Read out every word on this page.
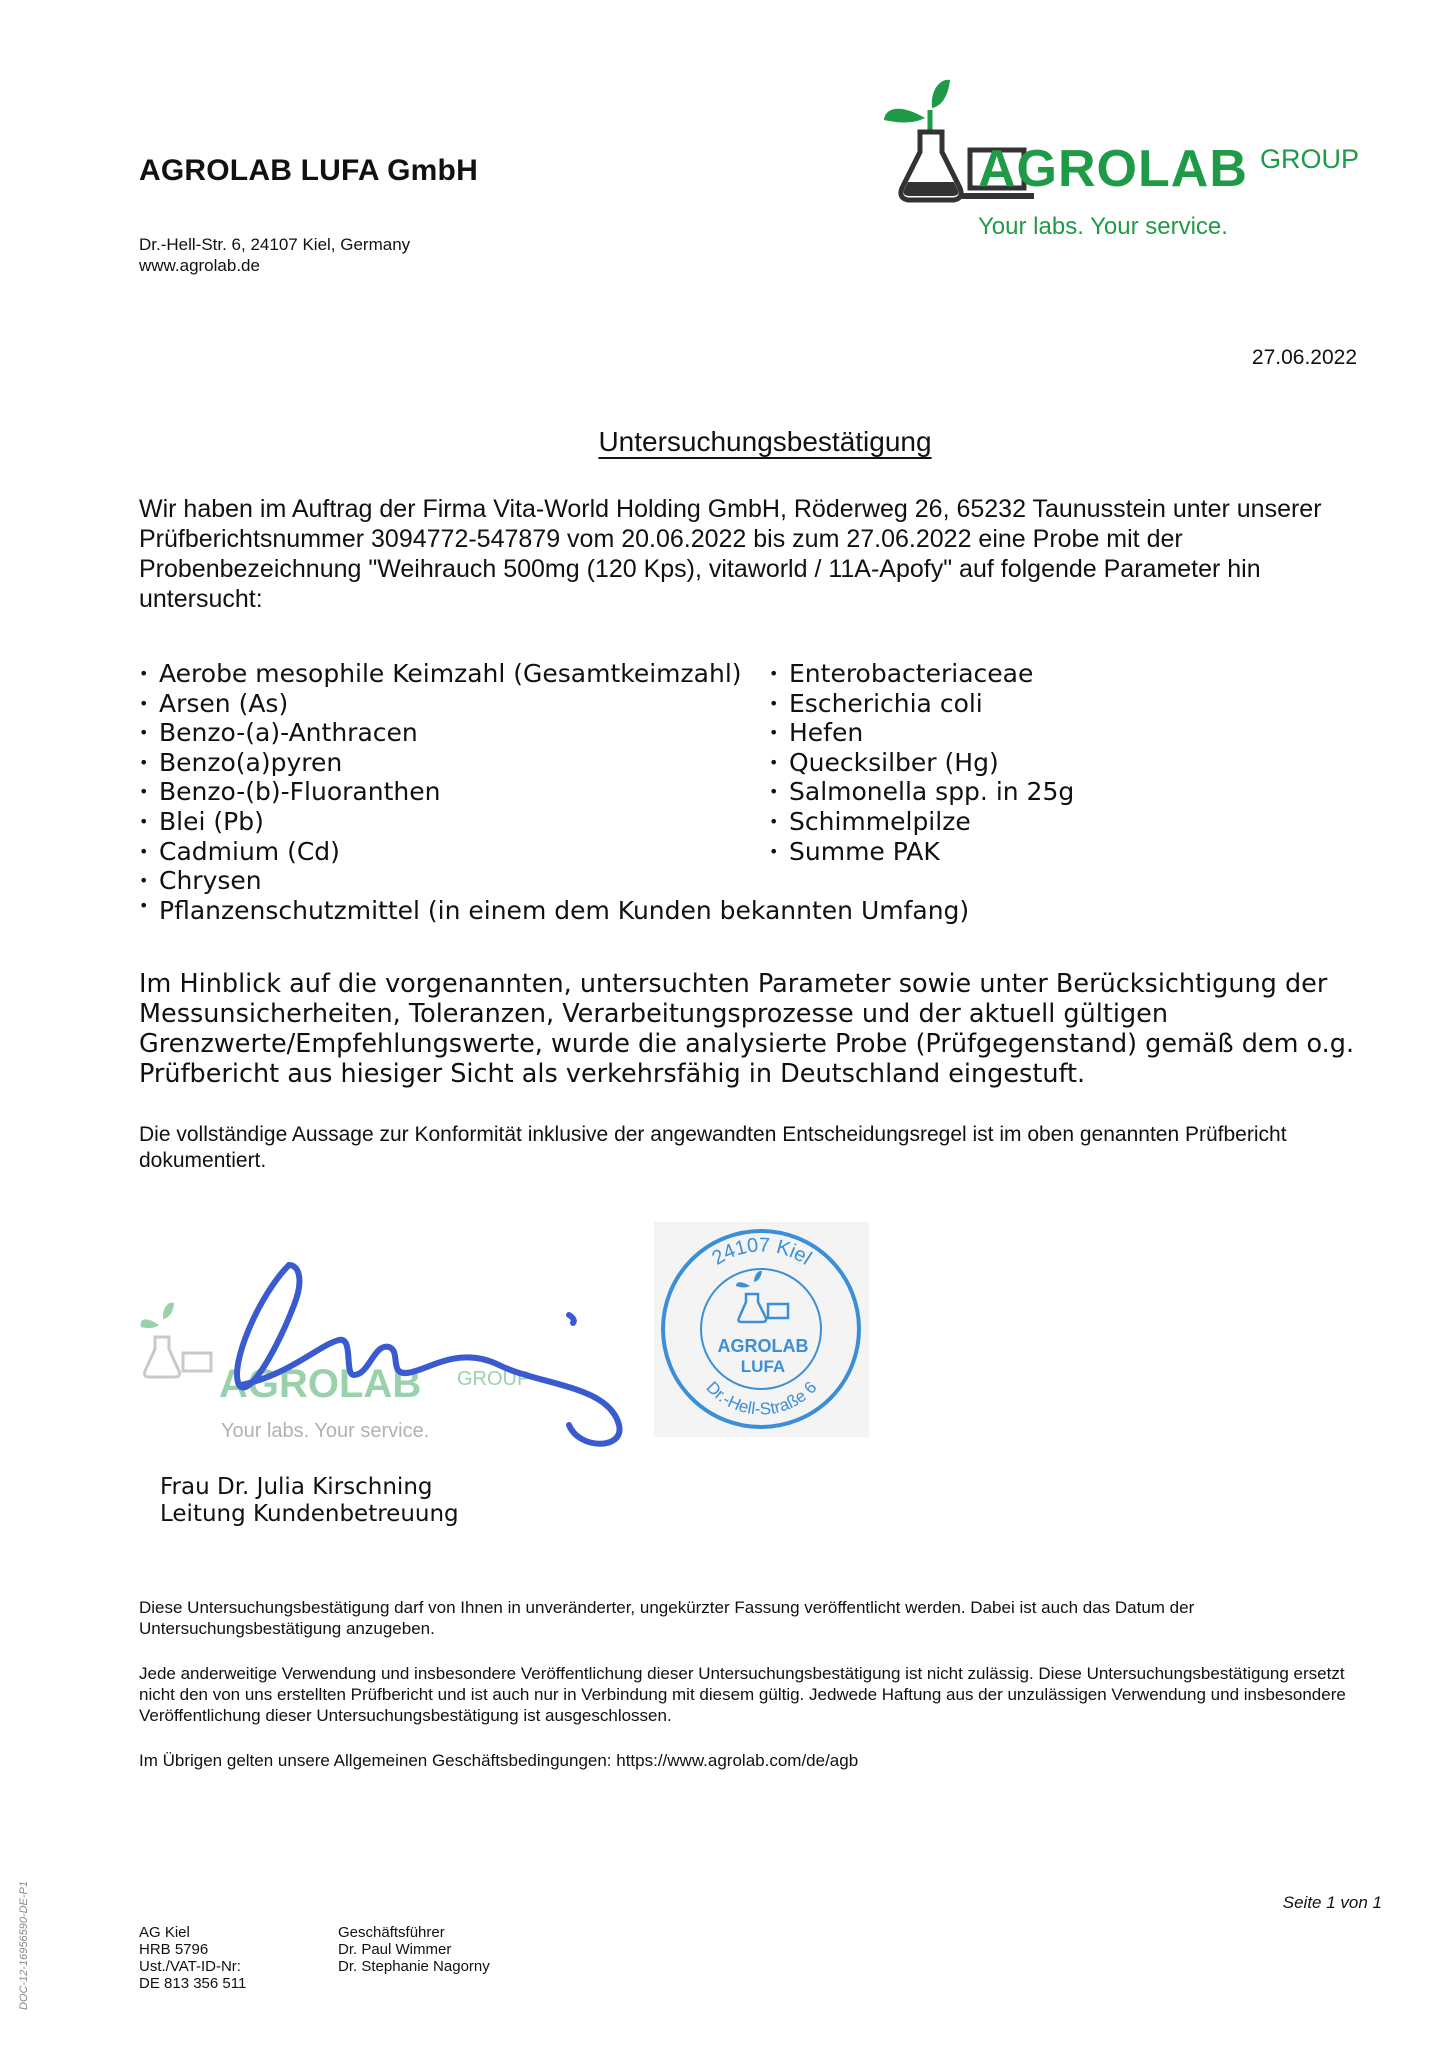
AGROLAB LUFA GmbH
Dr.-Hell-Str. 6, 24107 Kiel, Germany
www.agrolab.de
AGROLAB GROUP
Your labs. Your service.
27.06.2022
Untersuchungsbestätigung
Wir haben im Auftrag der Firma Vita-World Holding GmbH, Röderweg 26, 65232 Taunusstein unter unserer Prüfberichtsnummer 3094772-547879 vom 20.06.2022 bis zum 27.06.2022 eine Probe mit der Probenbezeichnung "Weihrauch 500mg (120 Kps), vitaworld / 11A-Apofy" auf folgende Parameter hin untersucht:
• Aerobe mesophile Keimzahl (Gesamtkeimzahl)
• Arsen (As)
• Benzo-(a)-Anthracen
• Benzo(a)pyren
• Benzo-(b)-Fluoranthen
• Blei (Pb)
• Cadmium (Cd)
• Chrysen
• Enterobacteriaceae
• Escherichia coli
• Hefen
• Quecksilber (Hg)
• Salmonella spp. in 25g
• Schimmelpilze
• Summe PAK
• Pflanzenschutzmittel (in einem dem Kunden bekannten Umfang)
Im Hinblick auf die vorgenannten, untersuchten Parameter sowie unter Berücksichtigung der Messunsicherheiten, Toleranzen, Verarbeitungsprozesse und der aktuell gültigen Grenzwerte/Empfehlungswerte, wurde die analysierte Probe (Prüfgegenstand) gemäß dem o.g. Prüfbericht aus hiesiger Sicht als verkehrsfähig in Deutschland eingestuft.
Die vollständige Aussage zur Konformität inklusive der angewandten Entscheidungsregel ist im oben genannten Prüfbericht dokumentiert.
AGROLAB GROUP
Your labs. Your service.
24107 Kiel
Dr.-Hell-Straße 6
AGROLAB
LUFA
Frau Dr. Julia Kirschning
Leitung Kundenbetreuung
Diese Untersuchungsbestätigung darf von Ihnen in unveränderter, ungekürzter Fassung veröffentlicht werden. Dabei ist auch das Datum der Untersuchungsbestätigung anzugeben.
Jede anderweitige Verwendung und insbesondere Veröffentlichung dieser Untersuchungsbestätigung ist nicht zulässig. Diese Untersuchungsbestätigung ersetzt nicht den von uns erstellten Prüfbericht und ist auch nur in Verbindung mit diesem gültig. Jedwede Haftung aus der unzulässigen Verwendung und insbesondere Veröffentlichung dieser Untersuchungsbestätigung ist ausgeschlossen.
Im Übrigen gelten unsere Allgemeinen Geschäftsbedingungen: https://www.agrolab.com/de/agb
Seite 1 von 1
DOC-12-16956590-DE-P1	AG Kiel
HRB 5796
Ust./VAT-ID-Nr:
DE 813 356 511
Geschäftsführer
Dr. Paul Wimmer
Dr. Stephanie Nagorny
